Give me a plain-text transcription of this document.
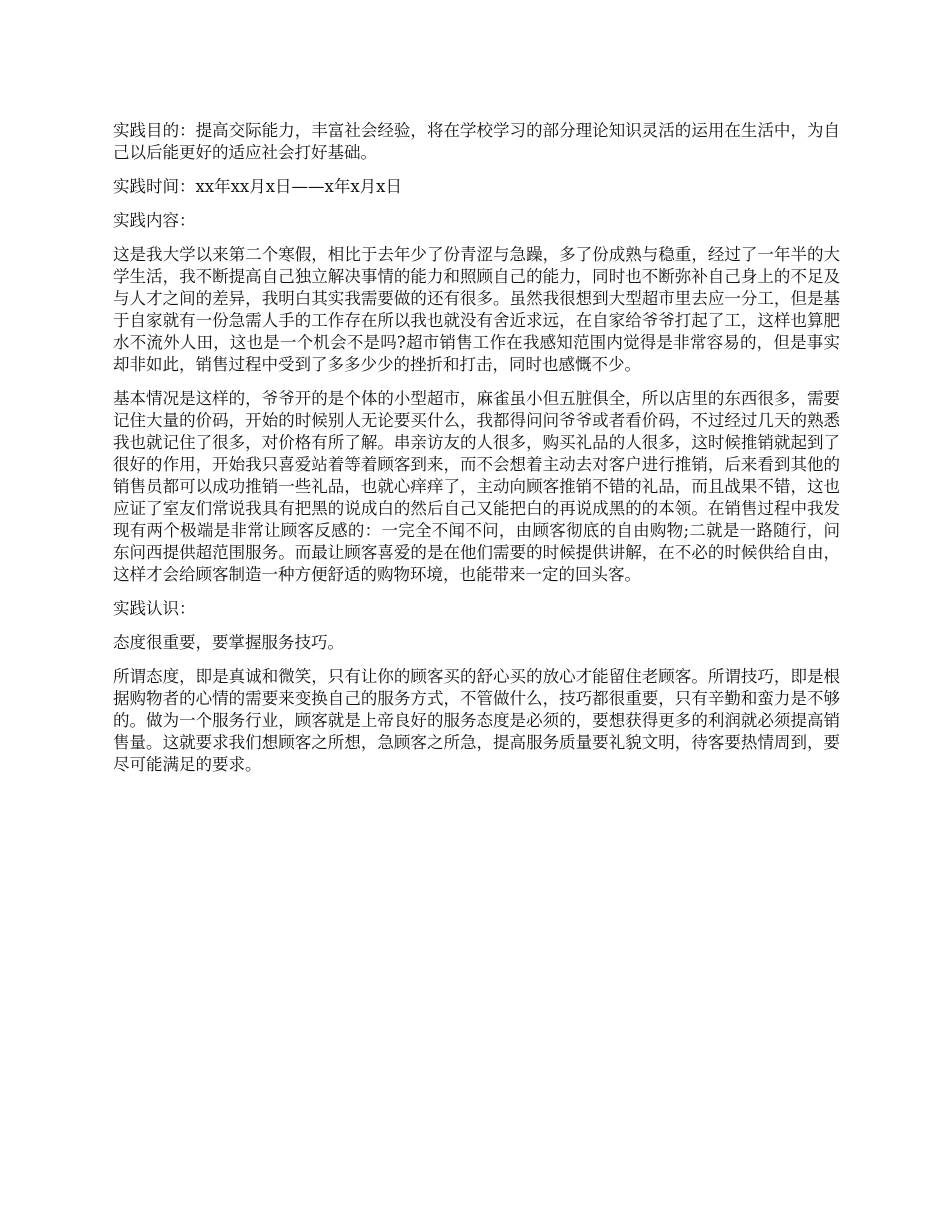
实践目的：提高交际能力，丰富社会经验，将在学校学习的部分理论知识灵活的运用在生活中，为自己以后能更好的适应社会打好基础。

实践时间：xx年xx月x日——x年x月x日

实践内容：

这是我大学以来第二个寒假，相比于去年少了份青涩与急躁，多了份成熟与稳重，经过了一年半的大学生活，我不断提高自己独立解决事情的能力和照顾自己的能力，同时也不断弥补自己身上的不足及与人才之间的差异，我明白其实我需要做的还有很多。虽然我很想到大型超市里去应一分工，但是基于自家就有一份急需人手的工作存在所以我也就没有舍近求远，在自家给爷爷打起了工，这样也算肥水不流外人田，这也是一个机会不是吗?超市销售工作在我感知范围内觉得是非常容易的，但是事实却非如此，销售过程中受到了多多少少的挫折和打击，同时也感慨不少。

基本情况是这样的，爷爷开的是个体的小型超市，麻雀虽小但五脏俱全，所以店里的东西很多，需要记住大量的价码，开始的时候别人无论要买什么，我都得问问爷爷或者看价码，不过经过几天的熟悉我也就记住了很多，对价格有所了解。串亲访友的人很多，购买礼品的人很多，这时候推销就起到了很好的作用，开始我只喜爱站着等着顾客到来，而不会想着主动去对客户进行推销，后来看到其他的销售员都可以成功推销一些礼品，也就心痒痒了，主动向顾客推销不错的礼品，而且战果不错，这也应证了室友们常说我具有把黑的说成白的然后自己又能把白的再说成黑的的本领。在销售过程中我发现有两个极端是非常让顾客反感的：一完全不闻不问，由顾客彻底的自由购物;二就是一路随行，问东问西提供超范围服务。而最让顾客喜爱的是在他们需要的时候提供讲解，在不必的时候供给自由，这样才会给顾客制造一种方便舒适的购物环境，也能带来一定的回头客。

实践认识：

态度很重要，要掌握服务技巧。

所谓态度，即是真诚和微笑，只有让你的顾客买的舒心买的放心才能留住老顾客。所谓技巧，即是根据购物者的心情的需要来变换自己的服务方式，不管做什么，技巧都很重要，只有辛勤和蛮力是不够的。做为一个服务行业，顾客就是上帝良好的服务态度是必须的，要想获得更多的利润就必须提高销售量。这就要求我们想顾客之所想，急顾客之所急，提高服务质量要礼貌文明，待客要热情周到，要尽可能满足的要求。
